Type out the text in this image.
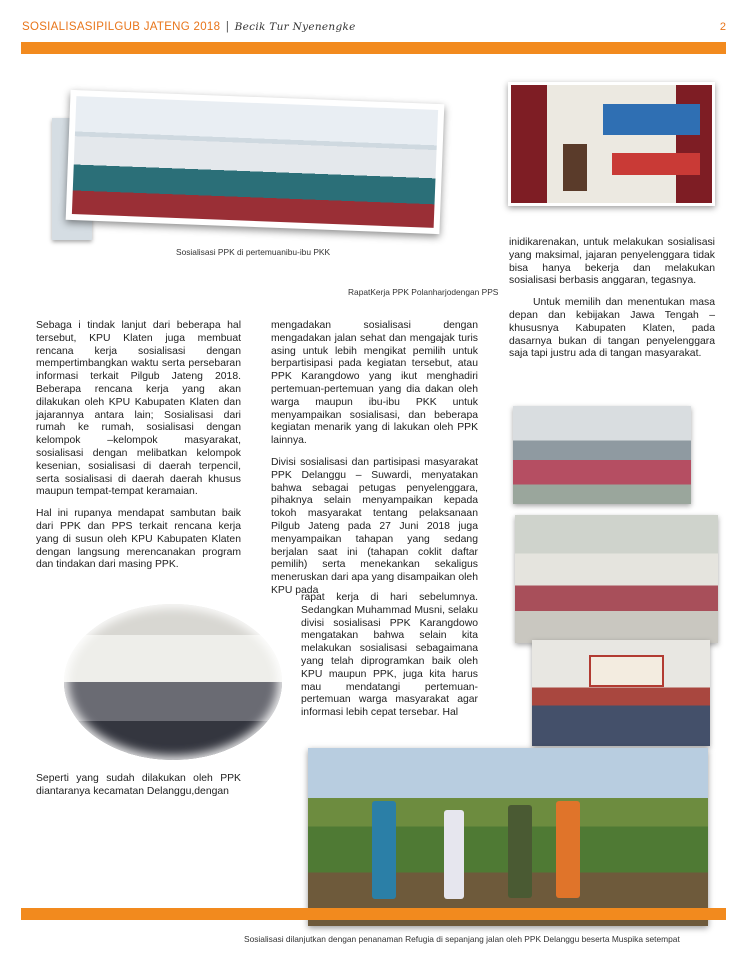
SOSIALISASIPILGUB JATENG 2018 | Becik Tur Nyenengke	2
Sosialisasi PPK di pertemuanibu-ibu PKK
RapatKerja PPK Polanharjodengan PPS

inidikarenakan, untuk melakukan sosialisasi yang maksimal, jajaran penyelenggara tidak bisa hanya bekerja dan melakukan sosialisasi berbasis anggaran, tegasnya.

Untuk memilih dan menentukan masa depan dan kebijakan Jawa Tengah – khususnya Kabupaten Klaten, pada dasarnya bukan di tangan penyelenggara saja tapi justru ada di tangan masyarakat.

Sebaga i tindak lanjut dari beberapa hal tersebut, KPU Klaten juga membuat rencana kerja sosialisasi dengan mempertimbangkan waktu serta persebaran informasi terkait Pilgub Jateng 2018. Beberapa rencana kerja yang akan dilakukan oleh KPU Kabupaten Klaten dan jajarannya antara lain; Sosialisasi dari rumah ke rumah, sosialisasi dengan kelompok –kelompok masyarakat, sosialisasi dengan melibatkan kelompok kesenian, sosialisasi di daerah terpencil, serta sosialisasi di daerah daerah khusus maupun tempat-tempat keramaian.

Hal ini rupanya mendapat sambutan baik dari PPK dan PPS terkait rencana kerja yang di susun oleh KPU Kabupaten Klaten dengan langsung merencanakan program dan tindakan dari masing PPK.

mengadakan sosialisasi dengan mengadakan jalan sehat dan mengajak turis asing untuk lebih mengikat pemilih untuk berpartisipasi pada kegiatan tersebut, atau PPK Karangdowo yang ikut menghadiri pertemuan-pertemuan yang dia dakan oleh warga maupun ibu-ibu PKK untuk menyampaikan sosialisasi, dan beberapa kegiatan menarik yang di lakukan oleh PPK lainnya.

Divisi sosialisasi dan partisipasi masyarakat PPK Delanggu – Suwardi, menyatakan bahwa sebagai petugas penyelenggara, pihaknya selain menyampaikan kepada tokoh masyarakat tentang pelaksanaan Pilgub Jateng pada 27 Juni 2018 juga menyampaikan tahapan yang sedang berjalan saat ini (tahapan coklit daftar pemilih) serta menekankan sekaligus meneruskan dari apa yang disampaikan oleh KPU pada

rapat kerja di hari sebelumnya. Sedangkan Muhammad Musni, selaku divisi sosialisasi PPK Karangdowo mengatakan bahwa selain kita melakukan sosialisasi sebagaimana yang telah diprogramkan baik oleh KPU maupun PPK, juga kita harus mau mendatangi pertemuan-pertemuan warga masyarakat agar informasi lebih cepat tersebar. Hal

Seperti yang sudah dilakukan oleh PPK diantaranya kecamatan Delanggu,dengan

Sosialisasi dilanjutkan dengan penanaman Refugia di sepanjang jalan oleh PPK Delanggu beserta Muspika setempat
